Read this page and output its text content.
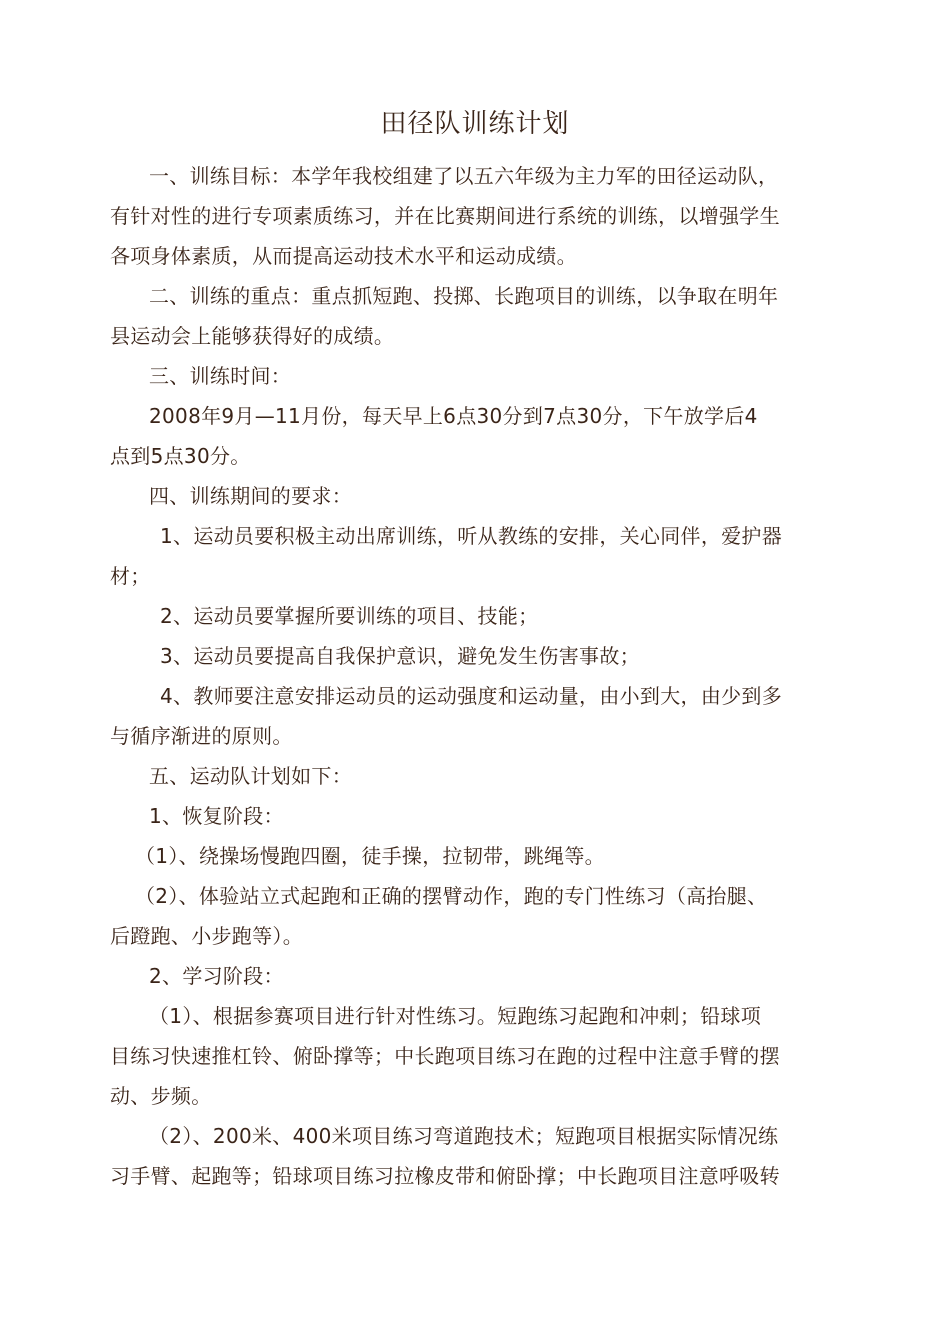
田径队训练计划
一、训练目标：本学年我校组建了以五六年级为主力军的田径运动队，
有针对性的进行专项素质练习，并在比赛期间进行系统的训练，以增强学生
各项身体素质，从而提高运动技术水平和运动成绩。
二、训练的重点：重点抓短跑、投掷、长跑项目的训练，以争取在明年
县运动会上能够获得好的成绩。
三、训练时间：
2008年9月—11月份，每天早上6点30分到7点30分，下午放学后4
点到5点30分。
四、训练期间的要求：
1、运动员要积极主动出席训练，听从教练的安排，关心同伴，爱护器
材；
2、运动员要掌握所要训练的项目、技能；
3、运动员要提高自我保护意识，避免发生伤害事故；
4、教师要注意安排运动员的运动强度和运动量，由小到大，由少到多
与循序渐进的原则。
五、运动队计划如下：
1、恢复阶段：
（1）、绕操场慢跑四圈，徒手操，拉韧带，跳绳等。
（2）、体验站立式起跑和正确的摆臂动作，跑的专门性练习（高抬腿、
后蹬跑、小步跑等）。
2、学习阶段：
（1）、根据参赛项目进行针对性练习。短跑练习起跑和冲刺；铅球项
目练习快速推杠铃、俯卧撑等；中长跑项目练习在跑的过程中注意手臂的摆
动、步频。
（2）、200米、400米项目练习弯道跑技术；短跑项目根据实际情况练
习手臂、起跑等；铅球项目练习拉橡皮带和俯卧撑；中长跑项目注意呼吸转
